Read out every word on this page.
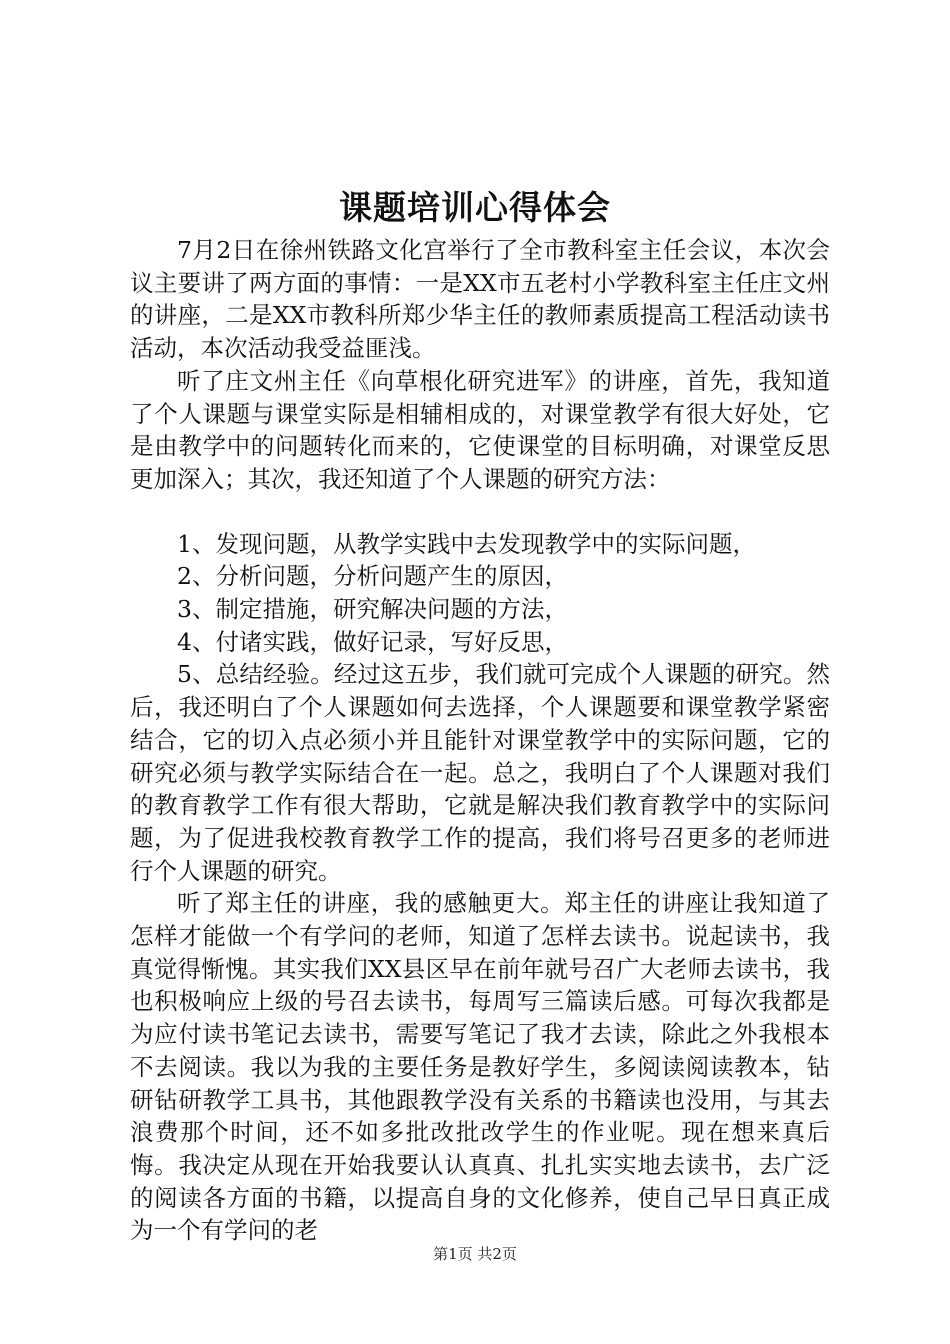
课题培训心得体会

7月2日在徐州铁路文化宫举行了全市教科室主任会议，本次会议主要讲了两方面的事情：一是XX市五老村小学教科室主任庄文州的讲座，二是XX市教科所郑少华主任的教师素质提高工程活动读书活动，本次活动我受益匪浅。

听了庄文州主任《向草根化研究进军》的讲座，首先，我知道了个人课题与课堂实际是相辅相成的，对课堂教学有很大好处，它是由教学中的问题转化而来的，它使课堂的目标明确，对课堂反思更加深入；其次，我还知道了个人课题的研究方法：

1、发现问题，从教学实践中去发现教学中的实际问题，

2、分析问题，分析问题产生的原因，

3、制定措施，研究解决问题的方法，

4、付诸实践，做好记录，写好反思，

5、总结经验。经过这五步，我们就可完成个人课题的研究。然后，我还明白了个人课题如何去选择，个人课题要和课堂教学紧密结合，它的切入点必须小并且能针对课堂教学中的实际问题，它的研究必须与教学实际结合在一起。总之，我明白了个人课题对我们的教育教学工作有很大帮助，它就是解决我们教育教学中的实际问题，为了促进我校教育教学工作的提高，我们将号召更多的老师进行个人课题的研究。

听了郑主任的讲座，我的感触更大。郑主任的讲座让我知道了怎样才能做一个有学问的老师，知道了怎样去读书。说起读书，我真觉得惭愧。其实我们XX县区早在前年就号召广大老师去读书，我也积极响应上级的号召去读书，每周写三篇读后感。可每次我都是为应付读书笔记去读书，需要写笔记了我才去读，除此之外我根本不去阅读。我以为我的主要任务是教好学生，多阅读阅读教本，钻研钻研教学工具书，其他跟教学没有关系的书籍读也没用，与其去浪费那个时间，还不如多批改批改学生的作业呢。现在想来真后悔。我决定从现在开始我要认认真真、扎扎实实地去读书，去广泛的阅读各方面的书籍，以提高自身的文化修养，使自己早日真正成为一个有学问的老

第1页 共2页
